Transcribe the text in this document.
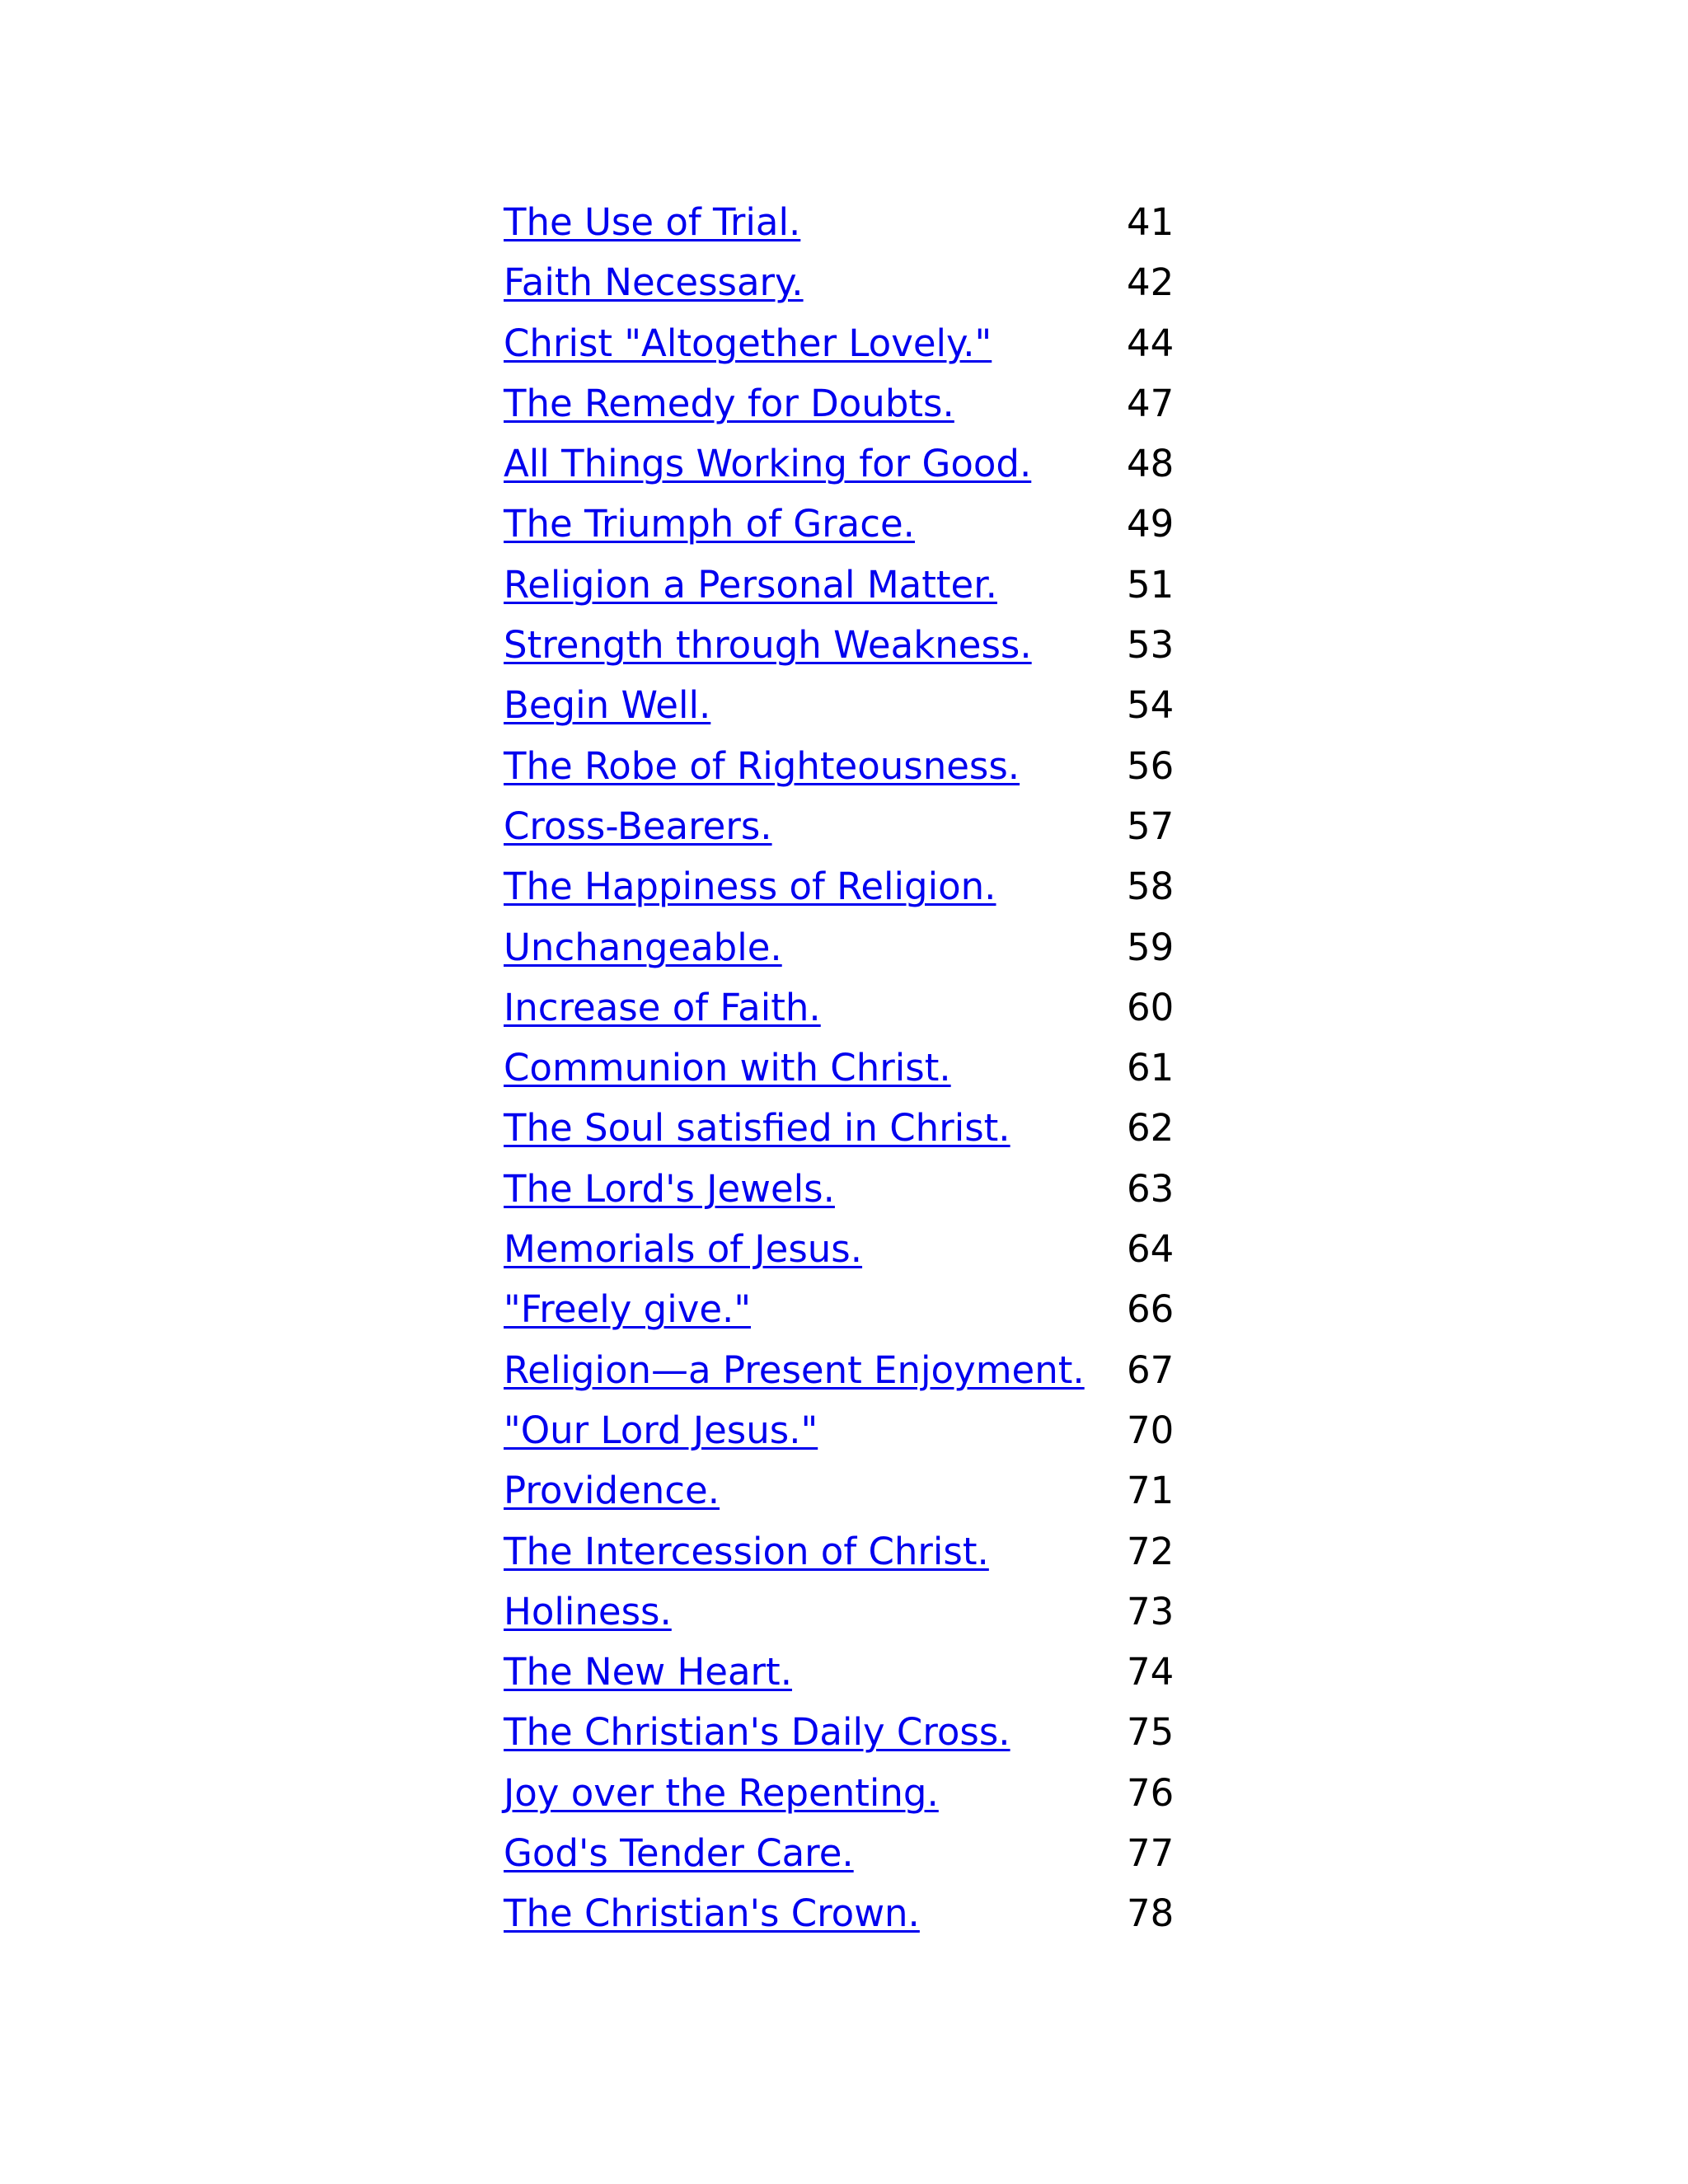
The Use of Trial.	41
Faith Necessary.	42
Christ "Altogether Lovely."	44
The Remedy for Doubts.	47
All Things Working for Good.	48
The Triumph of Grace.	49
Religion a Personal Matter.	51
Strength through Weakness.	53
Begin Well.	54
The Robe of Righteousness.	56
Cross-Bearers.	57
The Happiness of Religion.	58
Unchangeable.	59
Increase of Faith.	60
Communion with Christ.	61
The Soul satisfied in Christ.	62
The Lord's Jewels.	63
Memorials of Jesus.	64
"Freely give."	66
Religion—a Present Enjoyment. 67
"Our Lord Jesus."	70
Providence.	71
The Intercession of Christ.	72
Holiness.	73
The New Heart.	74
The Christian's Daily Cross.	75
Joy over the Repenting.	76
God's Tender Care.	77
The Christian's Crown.	78
